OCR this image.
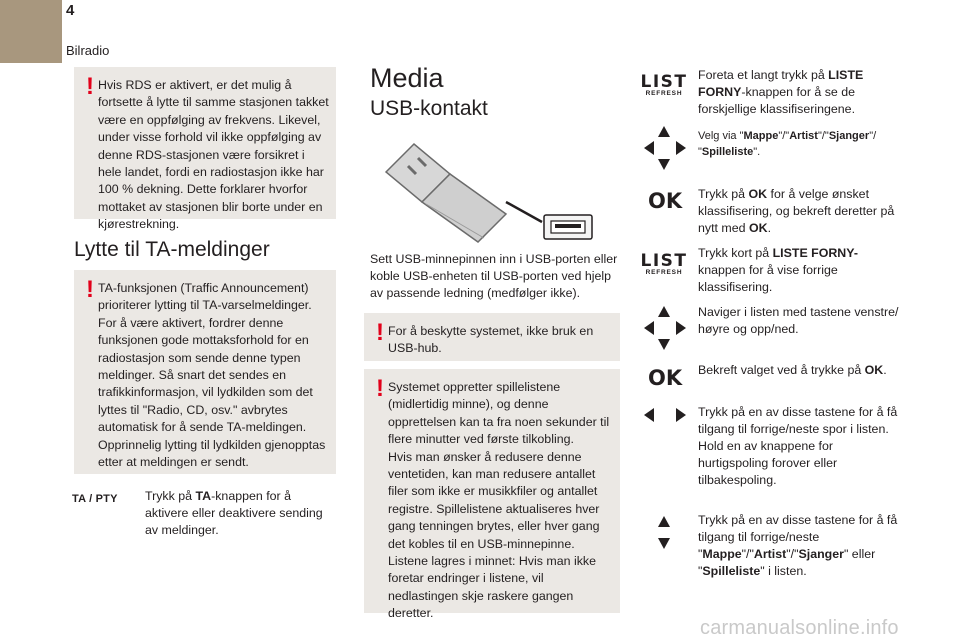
4
Bilradio
! Hvis RDS er aktivert, er det mulig å fortsette å lytte til samme stasjonen takket være en oppfølging av frekvens. Likevel, under visse forhold vil ikke oppfølging av denne RDS-stasjonen være forsikret i hele landet, fordi en radiostasjon ikke har 100 % dekning. Dette forklarer hvorfor mottaket av stasjonen blir borte under en kjørestrekning.
Lytte til TA-meldinger
! TA-funksjonen (Traffic Announcement) prioriterer lytting til TA-varselmeldinger. For å være aktivert, fordrer denne funksjonen gode mottaksforhold for en radiostasjon som sende denne typen meldinger. Så snart det sendes en trafikkinformasjon, vil lydkilden som det lyttes til "Radio, CD, osv." avbrytes automatisk for å sende TA-meldingen. Opprinnelig lytting til lydkilden gjenopptas etter at meldingen er sendt.
TA / PTY Trykk på TA-knappen for å aktivere eller deaktivere sending av meldinger.
Media
USB-kontakt
Sett USB-minnepinnen inn i USB-porten eller koble USB-enheten til USB-porten ved hjelp av passende ledning (medfølger ikke).
! For å beskytte systemet, ikke bruk en USB-hub.
! Systemet oppretter spillelistene (midlertidig minne), og denne opprettelsen kan ta fra noen sekunder til flere minutter ved første tilkobling.
Hvis man ønsker å redusere denne ventetiden, kan man redusere antallet filer som ikke er musikkfiler og antallet registre. Spillelistene aktualiseres hver gang tenningen brytes, eller hver gang det kobles til en USB-minnepinne.
Listene lagres i minnet: Hvis man ikke foretar endringer i listene, vil nedlastingen skje raskere gangen deretter.
LIST
REFRESH
Foreta et langt trykk på LISTE FORNY-knappen for å se de forskjellige klassifiseringene.
Velg via "Mappe"/"Artist"/"Sjanger"/ "Spilleliste".
OK Trykk på OK for å velge ønsket klassifisering, og bekreft deretter på nytt med OK.
LIST
REFRESH
Trykk kort på LISTE FORNY- knappen for å vise forrige klassifisering.
Naviger i listen med tastene venstre/ høyre og opp/ned.
OK Bekreft valget ved å trykke på OK.
Trykk på en av disse tastene for å få tilgang til forrige/neste spor i listen. Hold en av knappene for hurtigspoling forover eller tilbakespoling.
Trykk på en av disse tastene for å få tilgang til forrige/neste "Mappe"/"Artist"/"Sjanger" eller "Spilleliste" i listen.
carmanualsonline.info
